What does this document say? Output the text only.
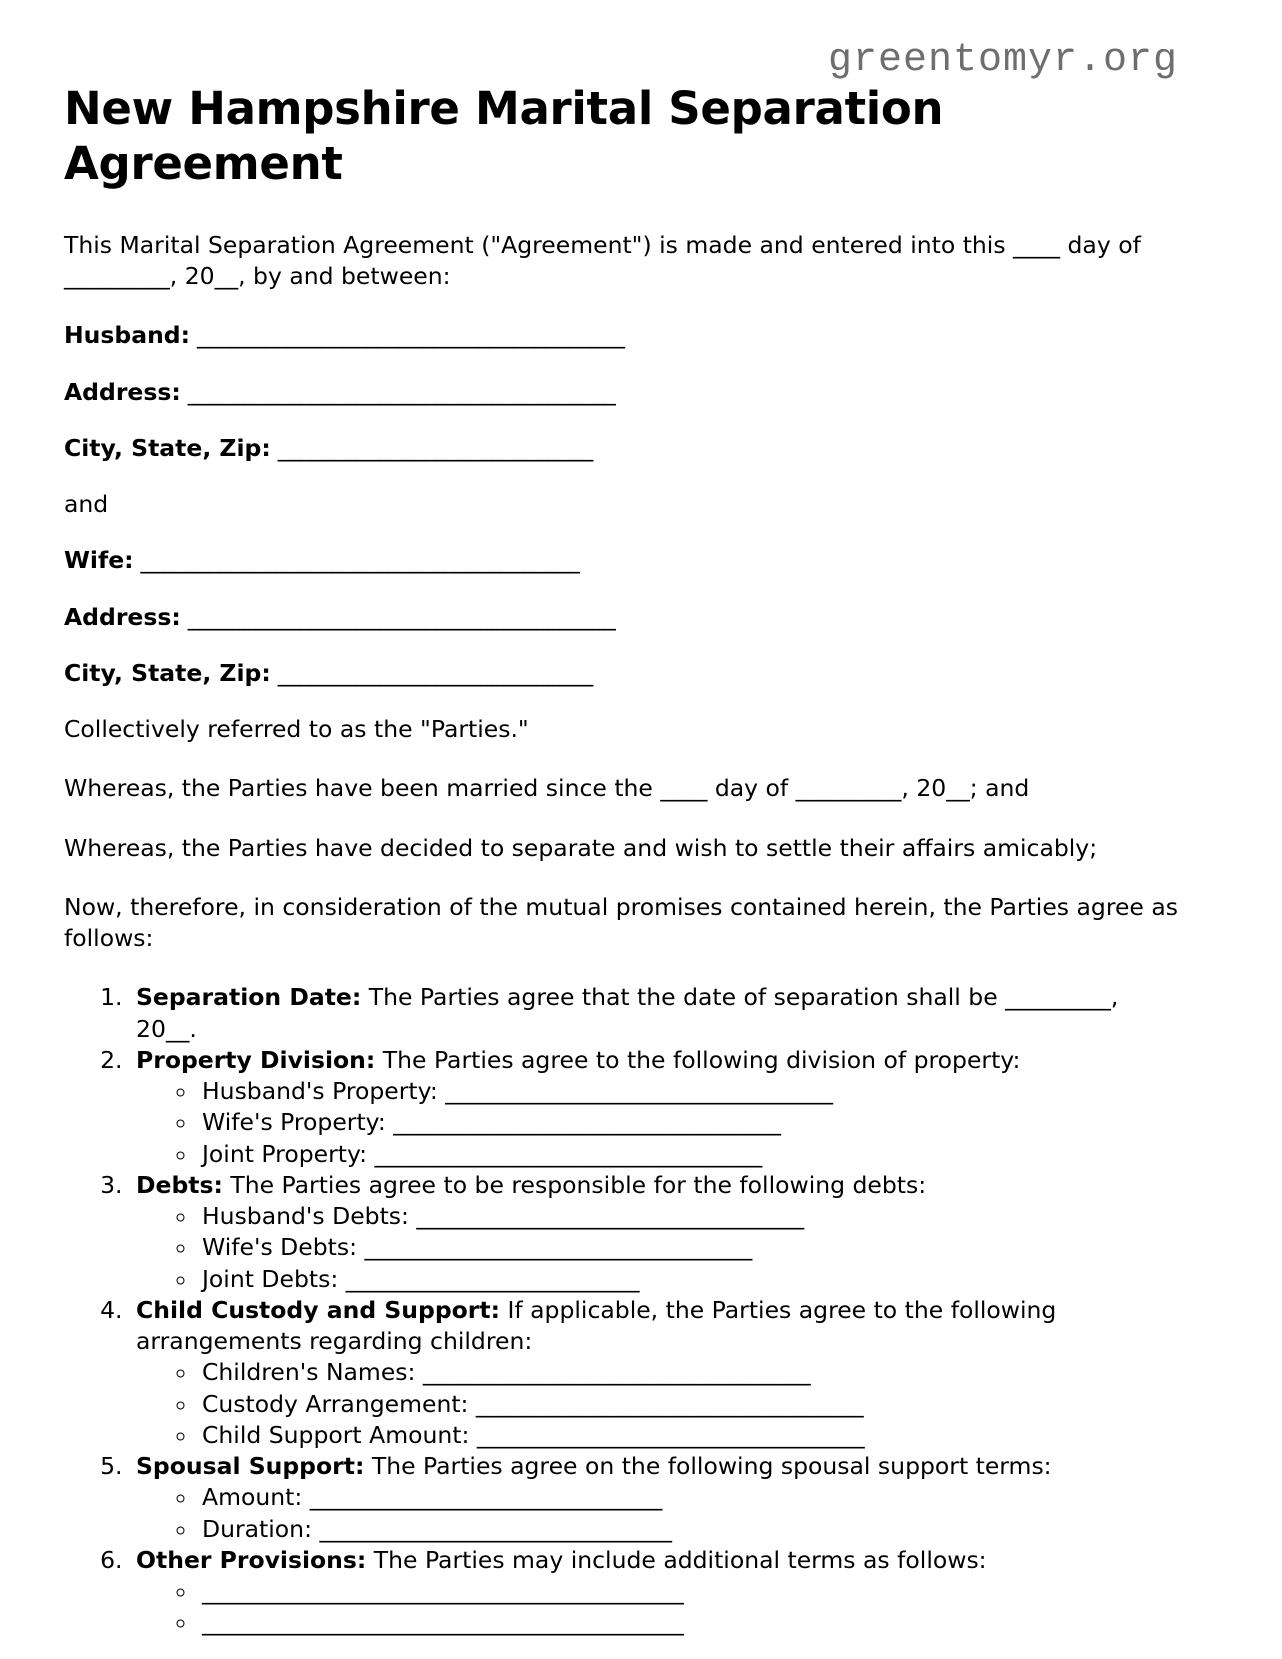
greentomyr.org
New Hampshire Marital Separation Agreement

This Marital Separation Agreement ("Agreement") is made and entered into this ____ day of _________, 20__, by and between:

Husband: ______________________________________

Address: ______________________________________

City, State, Zip: ____________________________

and

Wife: _______________________________________

Address: ______________________________________

City, State, Zip: ____________________________

Collectively referred to as the "Parties."

Whereas, the Parties have been married since the ____ day of _________, 20__; and

Whereas, the Parties have decided to separate and wish to settle their affairs amicably;

Now, therefore, in consideration of the mutual promises contained herein, the Parties agree as follows:

1. Separation Date: The Parties agree that the date of separation shall be _________, 20__.
2. Property Division: The Parties agree to the following division of property:
◦ Husband's Property: _________________________________
◦ Wife's Property: _________________________________
◦ Joint Property: _________________________________
3. Debts: The Parties agree to be responsible for the following debts:
◦ Husband's Debts: _________________________________
◦ Wife's Debts: _________________________________
◦ Joint Debts: _________________________
4. Child Custody and Support: If applicable, the Parties agree to the following arrangements regarding children:
◦ Children's Names: _________________________________
◦ Custody Arrangement: _________________________________
◦ Child Support Amount: _________________________________
5. Spousal Support: The Parties agree on the following spousal support terms:
◦ Amount: ______________________________
◦ Duration: ______________________________
6. Other Provisions: The Parties may include additional terms as follows:
◦ _________________________________________
◦ _________________________________________
